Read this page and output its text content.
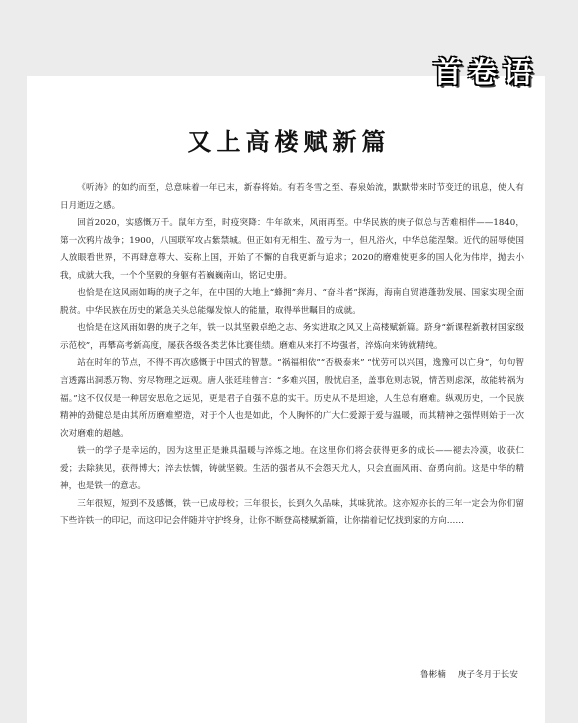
首卷语
又上高楼赋新篇

《听涛》的如约而至，总意味着一年已末，新春将始。有若冬雪之至、春泉始流，默默带来时节变迁的讯息，使人有日月逝迈之感。

回首2020，实感慨万千。鼠年方至，时疫突降：牛年欲来，风雨再至。中华民族的庚子似总与苦难相伴——1840，第一次鸦片战争；1900，八国联军攻占紫禁城。但正如有无相生、盈亏为一，但凡浴火，中华总能涅槃。近代的屈辱使国人放眼看世界，不再肆意尊大、妄称上国，开始了不懈的自我更新与追求；2020的磨难使更多的国人化为伟岸，抛去小我，成就大我，一个个坚毅的身躯有若巍巍南山，铭记史册。

也恰是在这风雨如晦的庚子之年，在中国的大地上“蜂拥”奔月、“奋斗者”探海，海南自贸港蓬勃发展、国家实现全面脱贫。中华民族在历史的紧急关头总能爆发惊人的能量，取得举世瞩目的成就。

也恰是在这风雨如磐的庚子之年，铁一以其坚毅卓绝之志、务实进取之风又上高楼赋新篇。跻身“新课程新教材国家级示范校”，再攀高考新高度，屡获各级各类艺体比赛佳绩。磨难从来打不垮强者，淬炼向来铸就精纯。

站在时年的节点，不得不再次感慨于中国式的智慧。“祸福相依”“否极泰来” “忧劳可以兴国，逸豫可以亡身”，句句智言透露出洞悉万物、穷尽物理之远观。唐人张廷珪曾言：“多难兴国，殷忧启圣，盖事危则志锐，情苦则虑深，故能转祸为福。”这不仅仅是一种居安思危之远见，更是君子自强不息的实干。历史从不是坦途，人生总有磨难。纵观历史，一个民族精神的劲健总是由其所历磨难塑造，对于个人也是如此，个人胸怀的广大仁爱源于爱与温暖，而其精神之强悍则始于一次次对磨难的超越。

铁一的学子是幸运的，因为这里正是兼具温暖与淬炼之地。在这里你们将会获得更多的成长——褪去冷漠，收获仁爱；去除狭见，获得博大；淬去怯懦，铸就坚毅。生活的强者从不会怨天尤人，只会直面风雨、奋勇向前。这是中华的精神，也是铁一的意志。

三年很短，短到不及感慨，铁一已成母校；三年很长，长到久久品味，其味犹浓。这亦短亦长的三年一定会为你们留下些许铁一的印记，而这印记会伴随并守护终身，让你不断登高楼赋新篇，让你揣着记忆找到家的方向……

鲁彬楠 庚子冬月于长安
